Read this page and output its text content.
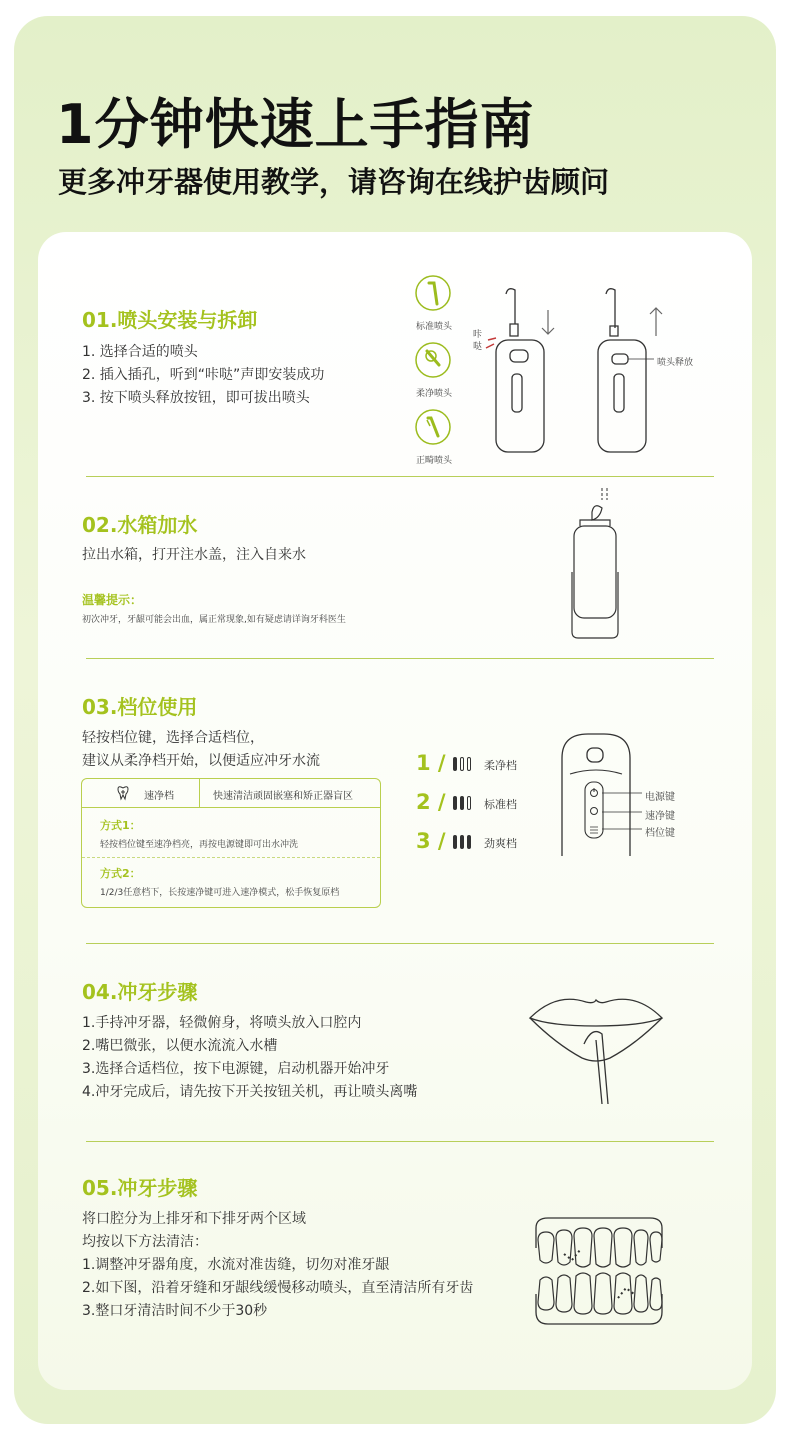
1分钟快速上手指南
更多冲牙器使用教学，请咨询在线护齿顾问
01.喷头安装与拆卸
1. 选择合适的喷头
2. 插入插孔，听到“咔哒”声即安装成功
3. 按下喷头释放按钮，即可拔出喷头
标准喷头
柔净喷头
正畸喷头
咔
哒
喷头释放
02.水箱加水
拉出水箱，打开注水盖，注入自来水
温馨提示：
初次冲牙，牙龈可能会出血，属正常现象,如有疑虑请详询牙科医生
03.档位使用
轻按档位键，选择合适档位，
建议从柔净档开始，以便适应冲牙水流
速净档	快速清洁顽固嵌塞和矫正器盲区
方式1：
轻按档位键至速净档亮，再按电源键即可出水冲洗
方式2：
1/2/3任意档下，长按速净键可进入速净模式，松手恢复原档
1 /	柔净档
2 /	标准档
3 /	劲爽档
电源键
速净键
档位键
04.冲牙步骤
1.手持冲牙器，轻微俯身，将喷头放入口腔内
2.嘴巴微张，以便水流流入水槽
3.选择合适档位，按下电源键，启动机器开始冲牙
4.冲牙完成后，请先按下开关按钮关机，再让喷头离嘴
05.冲牙步骤
将口腔分为上排牙和下排牙两个区域
均按以下方法清洁：
1.调整冲牙器角度，水流对准齿缝，切勿对准牙龈
2.如下图，沿着牙缝和牙龈线缓慢移动喷头，直至清洁所有牙齿
3.整口牙清洁时间不少于30秒
